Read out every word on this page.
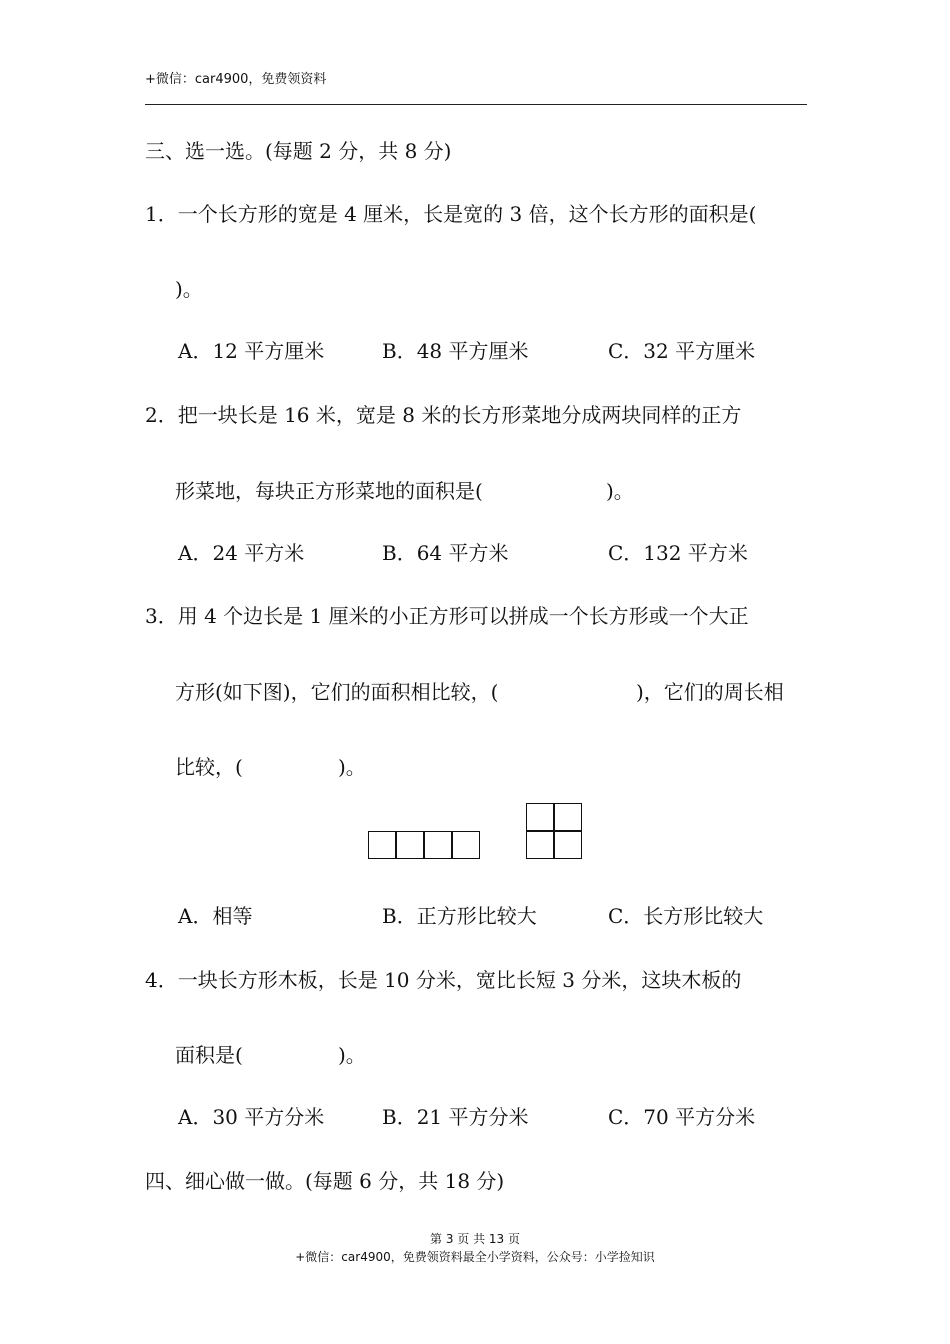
+微信：car4900，免费领资料
三、选一选。(每题 2 分，共 8 分)
1．一个长方形的宽是 4 厘米，长是宽的 3 倍，这个长方形的面积是(
)。
A．12 平方厘米	B．48 平方厘米	C．32 平方厘米
2．把一块长是 16 米，宽是 8 米的长方形菜地分成两块同样的正方
形菜地，每块正方形菜地的面积是(	)。
A．24 平方米	B．64 平方米	C．132 平方米
3．用 4 个边长是 1 厘米的小正方形可以拼成一个长方形或一个大正
方形(如下图)，它们的面积相比较，(	)，它们的周长相
比较，(	)。
A．相等	B．正方形比较大	C．长方形比较大
4．一块长方形木板，长是 10 分米，宽比长短 3 分米，这块木板的
面积是(	)。
A．30 平方分米	B．21 平方分米	C．70 平方分米
四、细心做一做。(每题 6 分，共 18 分)
第 3 页 共 13 页
+微信：car4900，免费领资料最全小学资料，公众号：小学捡知识
